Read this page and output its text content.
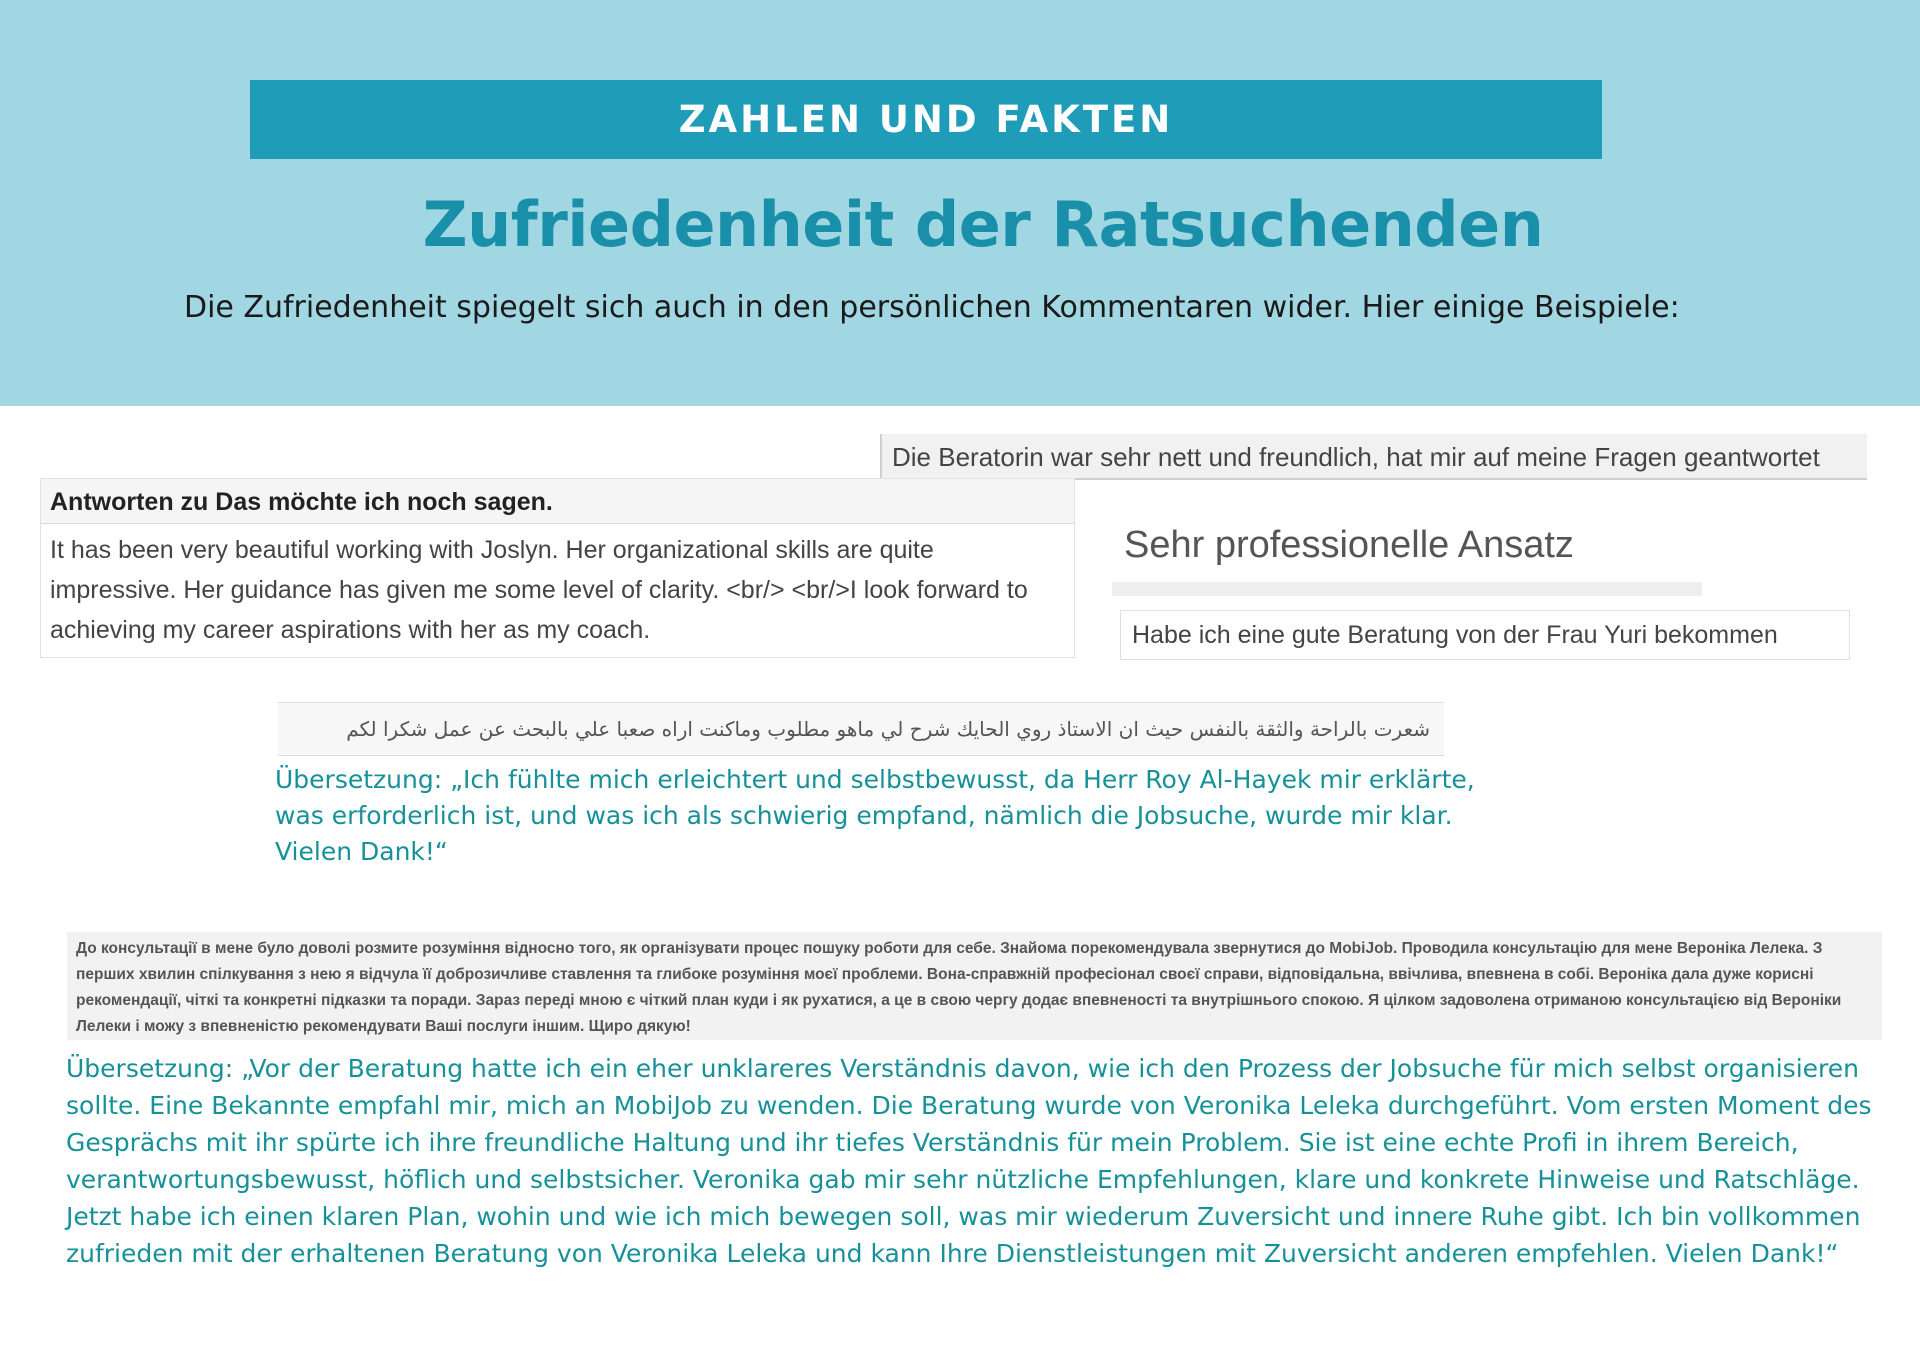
ZAHLEN UND FAKTEN
Zufriedenheit der Ratsuchenden
Die Zufriedenheit spiegelt sich auch in den persönlichen Kommentaren wider. Hier einige Beispiele:
Die Beratorin war sehr nett und freundlich, hat mir auf meine Fragen geantwortet
Antworten zu Das möchte ich noch sagen.
It has been very beautiful working with Joslyn. Her organizational skills are quite impressive. Her guidance has given me some level of clarity. <br/> <br/>I look forward to achieving my career aspirations with her as my coach.
Sehr professionelle Ansatz
Habe ich eine gute Beratung von der Frau Yuri bekommen
شعرت بالراحة والثقة بالنفس حيث ان الاستاذ روي الحايك شرح لي ماهو مطلوب وماكنت اراه صعبا علي بالبحث عن عمل شكرا لكم
Übersetzung: „Ich fühlte mich erleichtert und selbstbewusst, da Herr Roy Al-Hayek mir erklärte, was erforderlich ist, und was ich als schwierig empfand, nämlich die Jobsuche, wurde mir klar. Vielen Dank!“
До консультації в мене було доволі розмите розуміння відносно того, як організувати процес пошуку роботи для себе. Знайома порекомендувала звернутися до MobiJob. Проводила консультацію для мене Вероніка Лелека. З перших хвилин спілкування з нею я відчула її доброзичливе ставлення та глибоке розуміння моєї проблеми. Вона-справжній професіонал своєї справи, відповідальна, ввічлива, впевнена в собі. Вероніка дала дуже корисні рекомендації, чіткі та конкретні підказки та поради. Зараз переді мною є чіткий план куди і як рухатися, а це в свою чергу додає впевненості та внутрішнього спокою. Я цілком задоволена отриманою консультацією від Вероніки Лелеки і можу з впевненістю рекомендувати Ваші послуги іншим. Щиро дякую!
Übersetzung: „Vor der Beratung hatte ich ein eher unklareres Verständnis davon, wie ich den Prozess der Jobsuche für mich selbst organisieren sollte. Eine Bekannte empfahl mir, mich an MobiJob zu wenden. Die Beratung wurde von Veronika Leleka durchgeführt. Vom ersten Moment des Gesprächs mit ihr spürte ich ihre freundliche Haltung und ihr tiefes Verständnis für mein Problem. Sie ist eine echte Profi in ihrem Bereich, verantwortungsbewusst, höflich und selbstsicher. Veronika gab mir sehr nützliche Empfehlungen, klare und konkrete Hinweise und Ratschläge. Jetzt habe ich einen klaren Plan, wohin und wie ich mich bewegen soll, was mir wiederum Zuversicht und innere Ruhe gibt. Ich bin vollkommen zufrieden mit der erhaltenen Beratung von Veronika Leleka und kann Ihre Dienstleistungen mit Zuversicht anderen empfehlen. Vielen Dank!“
